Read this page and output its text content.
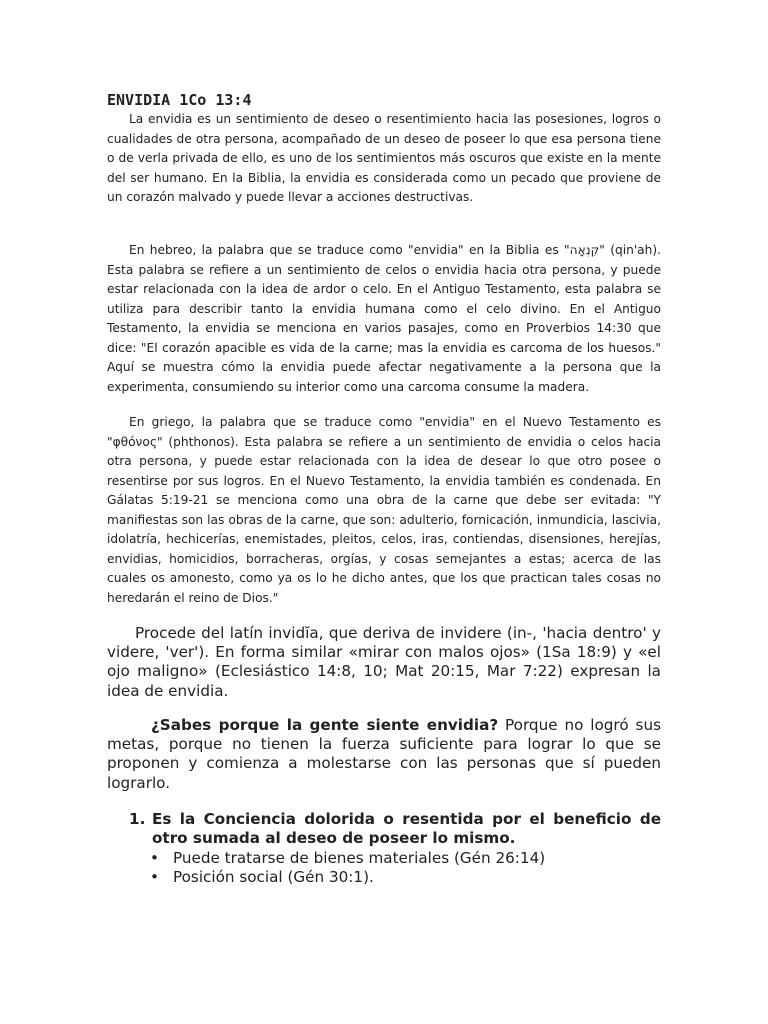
ENVIDIA 1Co 13:4

La envidia es un sentimiento de deseo o resentimiento hacia las posesiones, logros o cualidades de otra persona, acompañado de un deseo de poseer lo que esa persona tiene o de verla privada de ello, es uno de los sentimientos más oscuros que existe en la mente del ser humano. En la Biblia, la envidia es considerada como un pecado que proviene de un corazón malvado y puede llevar a acciones destructivas.

En hebreo, la palabra que se traduce como "envidia" en la Biblia es "קִנְאָה" (qin'ah). Esta palabra se refiere a un sentimiento de celos o envidia hacia otra persona, y puede estar relacionada con la idea de ardor o celo. En el Antiguo Testamento, esta palabra se utiliza para describir tanto la envidia humana como el celo divino. En el Antiguo Testamento, la envidia se menciona en varios pasajes, como en Proverbios 14:30 que dice: "El corazón apacible es vida de la carne; mas la envidia es carcoma de los huesos." Aquí se muestra cómo la envidia puede afectar negativamente a la persona que la experimenta, consumiendo su interior como una carcoma consume la madera.

En griego, la palabra que se traduce como "envidia" en el Nuevo Testamento es "φθόνος" (phthonos). Esta palabra se refiere a un sentimiento de envidia o celos hacia otra persona, y puede estar relacionada con la idea de desear lo que otro posee o resentirse por sus logros. En el Nuevo Testamento, la envidia también es condenada. En Gálatas 5:19-21 se menciona como una obra de la carne que debe ser evitada: "Y manifiestas son las obras de la carne, que son: adulterio, fornicación, inmundicia, lascivia, idolatría, hechicerías, enemistades, pleitos, celos, iras, contiendas, disensiones, herejías, envidias, homicidios, borracheras, orgías, y cosas semejantes a estas; acerca de las cuales os amonesto, como ya os lo he dicho antes, que los que practican tales cosas no heredarán el reino de Dios."

Procede del latín invidĭa, que deriva de invidere (in-, 'hacia dentro' y videre, 'ver'). En forma similar «mirar con malos ojos» (1Sa 18:9) y «el ojo maligno» (Eclesiástico 14:8, 10; Mat 20:15, Mar 7:22) expresan la idea de envidia.

¿Sabes porque la gente siente envidia? Porque no logró sus metas, porque no tienen la fuerza suficiente para lograr lo que se proponen y comienza a molestarse con las personas que sí pueden lograrlo.

1. Es la Conciencia dolorida o resentida por el beneficio de otro sumada al deseo de poseer lo mismo.

• Puede tratarse de bienes materiales (Gén 26:14)
• Posición social (Gén 30:1).
